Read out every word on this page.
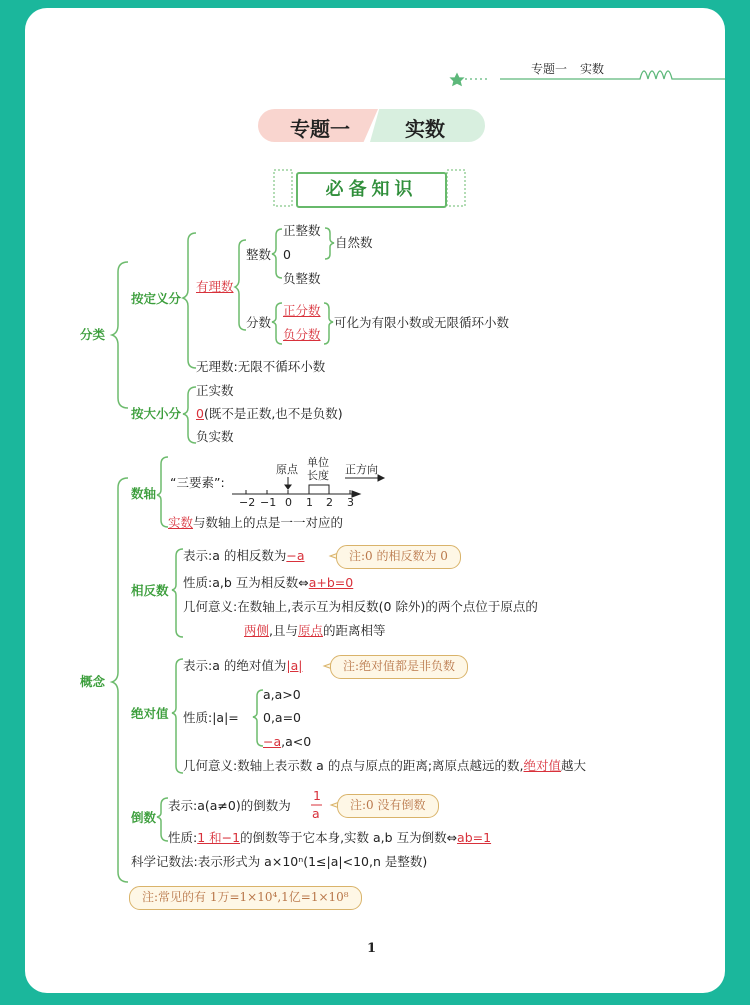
专题一 实数
专题一	实数
必备知识
分类
按定义分
有理数
整数
正整数
0
自然数
负整数
分数
正分数
负分数
可化为有限小数或无限循环小数
无理数:无限不循环小数
按大小分
正实数
0(既不是正数,也不是负数)
负实数
概念
数轴
“三要素”:
原点
单位
长度 正方向
−2 −1 0 1 2 3
实数与数轴上的点是一一对应的
相反数
表示:a 的相反数为−a	注:0 的相反数为 0
性质:a,b 互为相反数⇔a+b=0
几何意义:在数轴上,表示互为相反数(0 除外)的两个点位于原点的
两侧,且与原点的距离相等
绝对值
表示:a 的绝对值为|a|	注:绝对值都是非负数
性质:|a|=
a,a>0
0,a=0
−a,a<0
几何意义:数轴上表示数 a 的点与原点的距离;离原点越远的数,绝对值越大
倒数
表示:a(a≠0)的倒数为
1
a
注:0 没有倒数
性质:1 和−1的倒数等于它本身,实数 a,b 互为倒数⇔ab=1
科学记数法:表示形式为 a×10ⁿ(1≤|a|<10,n 是整数)
注:常见的有 1万=1×10⁴,1亿=1×10⁸
1
